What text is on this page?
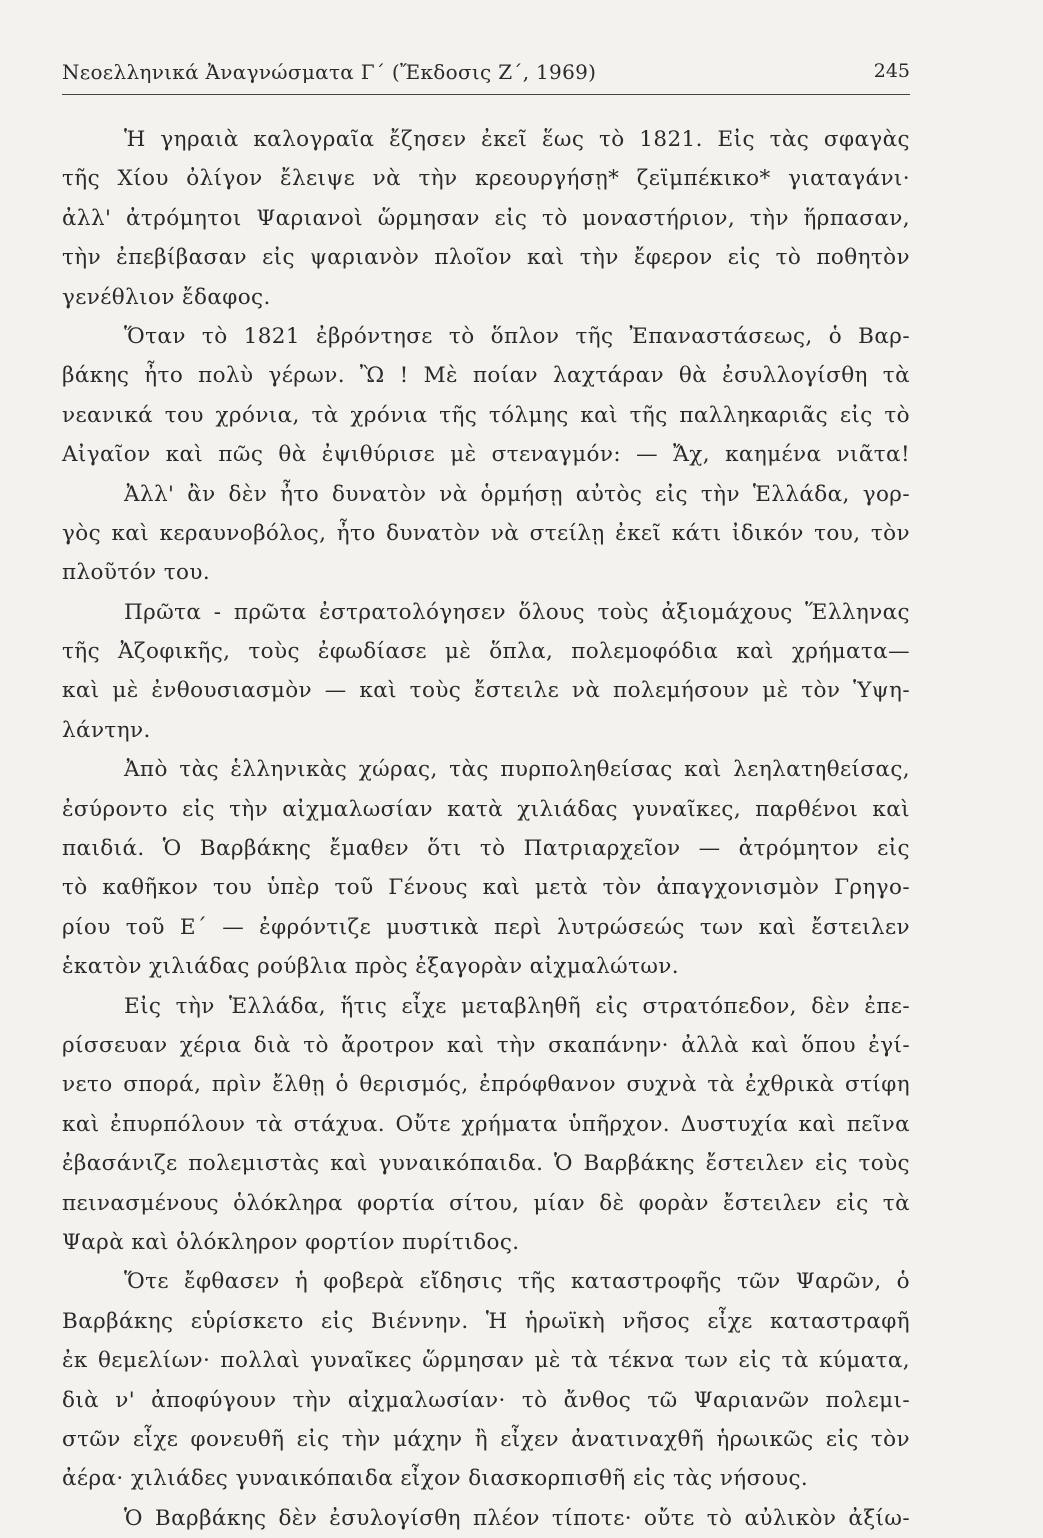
Νεοελληνικά Ἀναγνώσματα Γ΄ (Ἔκδοσις Ζ΄, 1969)	245
Ἡ γηραιὰ καλογραῖα ἔζησεν ἐκεῖ ἕως τὸ 1821. Εἰς τὰς σφαγὰς
τῆς Χίου ὀλίγον ἔλειψε νὰ τὴν κρεουργήσῃ* ζεϊμπέκικο* γιαταγάνι·
ἀλλ' ἀτρόμητοι Ψαριανοὶ ὥρμησαν εἰς τὸ μοναστήριον, τὴν ἥρπασαν,
τὴν ἐπεβίβασαν εἰς ψαριανὸν πλοῖον καὶ τὴν ἔφερον εἰς τὸ ποθητὸν
γενέθλιον ἔδαφος.
Ὅταν τὸ 1821 ἐβρόντησε τὸ ὅπλον τῆς Ἐπαναστάσεως, ὁ Βαρ-
βάκης ἦτο πολὺ γέρων. Ὢ ! Μὲ ποίαν λαχτάραν θὰ ἐσυλλογίσθη τὰ
νεανικά του χρόνια, τὰ χρόνια τῆς τόλμης καὶ τῆς παλληκαριᾶς εἰς τὸ
Αἰγαῖον καὶ πῶς θὰ ἐψιθύρισε μὲ στεναγμόν: — Ἄχ, καημένα νιᾶτα!
Ἀλλ' ἂν δὲν ἦτο δυνατὸν νὰ ὁρμήσῃ αὐτὸς εἰς τὴν Ἑλλάδα, γορ-
γὸς καὶ κεραυνοβόλος, ἦτο δυνατὸν νὰ στείλῃ ἐκεῖ κάτι ἰδικόν του, τὸν
πλοῦτόν του.
Πρῶτα - πρῶτα ἐστρατολόγησεν ὅλους τοὺς ἀξιομάχους Ἕλληνας
τῆς Ἀζοφικῆς, τοὺς ἐφωδίασε μὲ ὅπλα, πολεμοφόδια καὶ χρήματα—
καὶ μὲ ἐνθουσιασμὸν — καὶ τοὺς ἔστειλε νὰ πολεμήσουν μὲ τὸν Ὑψη-
λάντην.
Ἀπὸ τὰς ἑλληνικὰς χώρας, τὰς πυρποληθείσας καὶ λεηλατηθείσας,
ἐσύροντο εἰς τὴν αἰχμαλωσίαν κατὰ χιλιάδας γυναῖκες, παρθένοι καὶ
παιδιά. Ὁ Βαρβάκης ἔμαθεν ὅτι τὸ Πατριαρχεῖον — ἀτρόμητον εἰς
τὸ καθῆκον του ὑπὲρ τοῦ Γένους καὶ μετὰ τὸν ἀπαγχονισμὸν Γρηγο-
ρίου τοῦ Ε΄ — ἐφρόντιζε μυστικὰ περὶ λυτρώσεώς των καὶ ἔστειλεν
ἑκατὸν χιλιάδας ρούβλια πρὸς ἐξαγορὰν αἰχμαλώτων.
Εἰς τὴν Ἑλλάδα, ἥτις εἶχε μεταβληθῆ εἰς στρατόπεδον, δὲν ἐπε-
ρίσσευαν χέρια διὰ τὸ ἄροτρον καὶ τὴν σκαπάνην· ἀλλὰ καὶ ὅπου ἐγί-
νετο σπορά, πρὶν ἔλθῃ ὁ θερισμός, ἐπρόφθανον συχνὰ τὰ ἐχθρικὰ στίφη
καὶ ἐπυρπόλουν τὰ στάχυα. Οὔτε χρήματα ὑπῆρχον. Δυστυχία καὶ πεῖνα
ἐβασάνιζε πολεμιστὰς καὶ γυναικόπαιδα. Ὁ Βαρβάκης ἔστειλεν εἰς τοὺς
πεινασμένους ὁλόκληρα φορτία σίτου, μίαν δὲ φορὰν ἔστειλεν εἰς τὰ
Ψαρὰ καὶ ὁλόκληρον φορτίον πυρίτιδος.
Ὅτε ἔφθασεν ἡ φοβερὰ εἴδησις τῆς καταστροφῆς τῶν Ψαρῶν, ὁ
Βαρβάκης εὑρίσκετο εἰς Βιέννην. Ἡ ἡρωϊκὴ νῆσος εἶχε καταστραφῆ
ἐκ θεμελίων· πολλαὶ γυναῖκες ὥρμησαν μὲ τὰ τέκνα των εἰς τὰ κύματα,
διὰ ν' ἀποφύγουν τὴν αἰχμαλωσίαν· τὸ ἄνθος τῶ Ψαριανῶν πολεμι-
στῶν εἶχε φονευθῆ εἰς τὴν μάχην ἢ εἶχεν ἀνατιναχθῆ ἡρωικῶς εἰς τὸν
ἀέρα· χιλιάδες γυναικόπαιδα εἶχον διασκορπισθῆ εἰς τὰς νήσους.
Ὁ Βαρβάκης δὲν ἐσυλογίσθη πλέον τίποτε· οὔτε τὸ αὐλικὸν ἀξίω-
